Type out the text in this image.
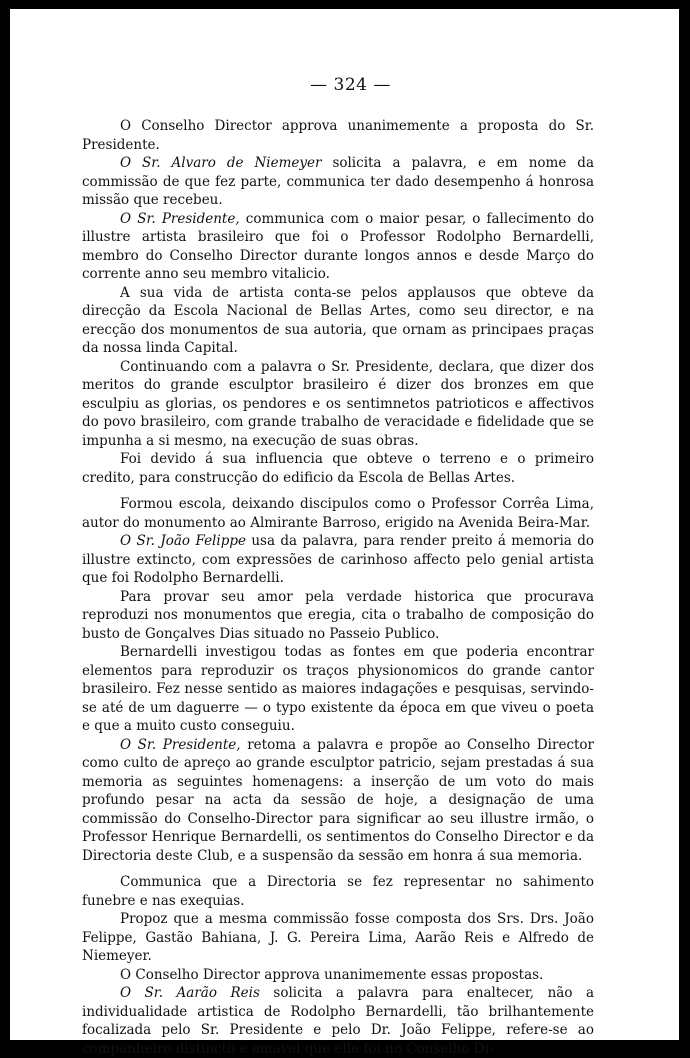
— 324 —

O Conselho Director approva unanimemente a proposta do Sr. Presidente.

O Sr. Alvaro de Niemeyer solicita a palavra, e em nome da commissão de que fez parte, communica ter dado desempenho á honrosa missão que recebeu.

O Sr. Presidente, communica com o maior pesar, o fallecimento do illustre artista brasileiro que foi o Professor Rodolpho Bernardelli, membro do Conselho Director durante longos annos e desde Março do corrente anno seu membro vitalicio.

A sua vida de artista conta-se pelos applausos que obteve da direcção da Escola Nacional de Bellas Artes, como seu director, e na erecção dos monumentos de sua autoria, que ornam as principaes praças da nossa linda Capital.

Continuando com a palavra o Sr. Presidente, declara, que dizer dos meritos do grande esculptor brasileiro é dizer dos bronzes em que esculpiu as glorias, os pendores e os sentimnetos patrioticos e affectivos do povo brasileiro, com grande trabalho de veracidade e fidelidade que se impunha a si mesmo, na execução de suas obras.

Foi devido á sua influencia que obteve o terreno e o primeiro credito, para construcção do edificio da Escola de Bellas Artes.

Formou escola, deixando discipulos como o Professor Corrêa Lima, autor do monumento ao Almirante Barroso, erigido na Avenida Beira-Mar.

O Sr. João Felippe usa da palavra, para render preito á memoria do illustre extincto, com expressões de carinhoso affecto pelo genial artista que foi Rodolpho Bernardelli.

Para provar seu amor pela verdade historica que procurava reproduzi nos monumentos que eregia, cita o trabalho de composição do busto de Gonçalves Dias situado no Passeio Publico.

Bernardelli investigou todas as fontes em que poderia encontrar elementos para reproduzir os traços physionomicos do grande cantor brasileiro. Fez nesse sentido as maiores indagações e pesquisas, servindo-se até de um daguerre — o typo existente da época em que viveu o poeta e que a muito custo conseguiu.

O Sr. Presidente, retoma a palavra e propõe ao Conselho Director como culto de apreço ao grande esculptor patricio, sejam prestadas á sua memoria as seguintes homenagens: a inserção de um voto do mais profundo pesar na acta da sessão de hoje, a designação de uma commissão do Conselho-Director para significar ao seu illustre irmão, o Professor Henrique Bernardelli, os sentimentos do Conselho Director e da Directoria deste Club, e a suspensão da sessão em honra á sua memoria.

Communica que a Directoria se fez representar no sahimento funebre e nas exequias.

Propoz que a mesma commissão fosse composta dos Srs. Drs. João Felippe, Gastão Bahiana, J. G. Pereira Lima, Aarão Reis e Alfredo de Niemeyer.

O Conselho Director approva unanimemente essas propostas.

O Sr. Aarão Reis solicita a palavra para enaltecer, não a individualidade artistica de Rodolpho Bernardelli, tão brilhantemente focalizada pelo Sr. Presidente e pelo Dr. João Felippe, refere-se ao companheiro distincto e amavel que elle foi no Conselho Di-
